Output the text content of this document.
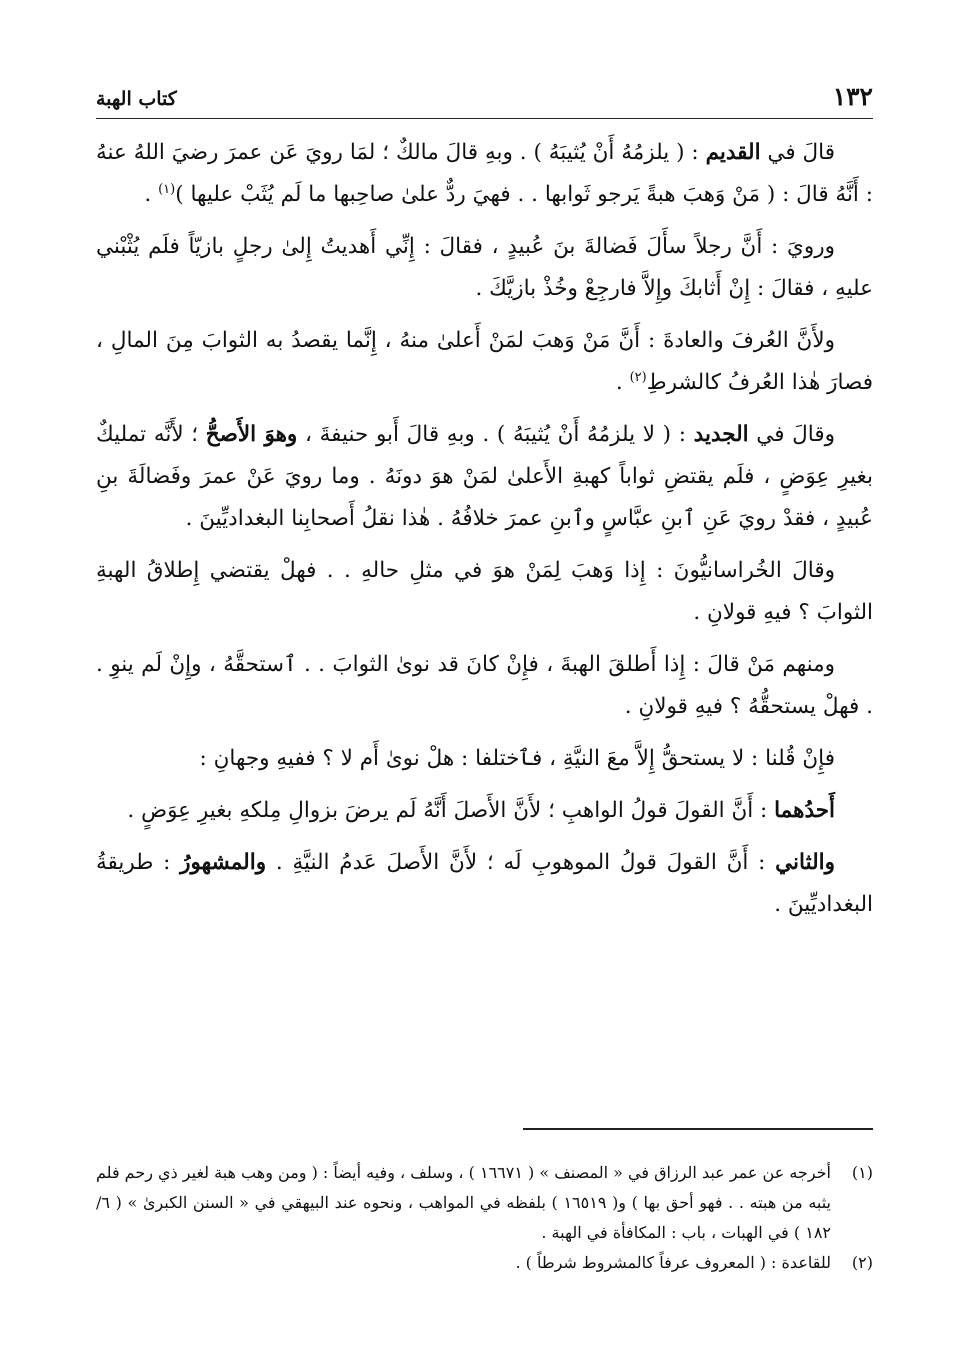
١٣٢
كتاب الهبة

قالَ في القديم : ( يلزمُهُ أَنْ يُثيبَهُ ) . وبهِ قالَ مالكٌ ؛ لمَا رويَ عَن عمرَ رضيَ اللهُ عنهُ : أَنَّهُ قالَ : ( مَنْ وَهبَ هبةً يَرجو ثَوابها . . فهيَ ردٌّ علىٰ صاحِبها ما لَم يُثَبْ عليها )$^{(١)}$ .

ورويَ : أَنَّ رجلاً سأَلَ فَضالةَ بنَ عُبيدٍ ، فقالَ : إِنِّي أَهديتُ إِلىٰ رجلٍ بازيّاً فلَم يُثْبْني عليهِ ، فقالَ : إِنْ أَثابكَ وإِلاَّ فارجِعْ وخُذْ بازيَّكَ .

ولأَنَّ العُرفَ والعادةَ : أَنَّ مَنْ وَهبَ لمَنْ أَعلىٰ منهُ ، إِنَّما يقصدُ به الثوابَ مِنَ المالِ ، فصارَ هٰذا العُرفُ كالشرطِ$^{(٢)}$ .

وقالَ في الجديد : ( لا يلزمُهُ أَنْ يُثيبَهُ ) . وبهِ قالَ أَبو حنيفةَ ، وهوَ الأَصحُّ ؛ لأَنَّه تمليكٌ بغيرِ عِوَضٍ ، فلَم يقتضِ ثواباً كهبةِ الأَعلىٰ لمَنْ هوَ دونَهُ . وما رويَ عَنْ عمرَ وفَضالَةَ بنِ عُبيدٍ ، فقدْ رويَ عَنِ ٱبنِ عبَّاسٍ وٱبنِ عمرَ خلافُهُ . هٰذا نقلُ أَصحابِنا البغداديِّينَ .

وقالَ الخُراسانيُّونَ : إِذا وَهبَ لِمَنْ هوَ في مثلِ حالهِ . . فهلْ يقتضي إِطلاقُ الهبةِ الثوابَ ؟ فيهِ قولانِ .

ومنهم مَنْ قالَ : إِذا أَطلقَ الهبةَ ، فإِنْ كانَ قد نوىٰ الثوابَ . . ٱستحقَّهُ ، وإِنْ لَم ينوِ . . فهلْ يستحقُّهُ ؟ فيهِ قولانِ .

فإِنْ قُلنا : لا يستحقُّ إِلاَّ معَ النيَّةِ ، فٱختلفا : هلْ نوىٰ أَم لا ؟ ففيهِ وجهانِ :

أَحدُهما : أَنَّ القولَ قولُ الواهبِ ؛ لأَنَّ الأَصلَ أَنَّهُ لَم يرضَ بزوالِ مِلكهِ بغيرِ عِوَضٍ .

والثاني : أَنَّ القولَ قولُ الموهوبِ لَه ؛ لأَنَّ الأَصلَ عَدمُ النيَّةِ . والمشهورُ : طريقةُ البغداديِّينَ .

(١)
أخرجه عن عمر عبد الرزاق في « المصنف » ( ١٦٦٧١ ) ، وسلف ، وفيه أيضاً : ( ومن وهب هبة لغير ذي رحم فلم يثبه من هبته . . فهو أحق بها ) و( ١٦٥١٩ ) بلفظه في المواهب ، ونحوه عند البيهقي في « السنن الكبرىٰ » ( ٦/ ١٨٢ ) في الهبات ، باب : المكافأة في الهبة .
(٢)
للقاعدة : ( المعروف عرفاً كالمشروط شرطاً ) .
